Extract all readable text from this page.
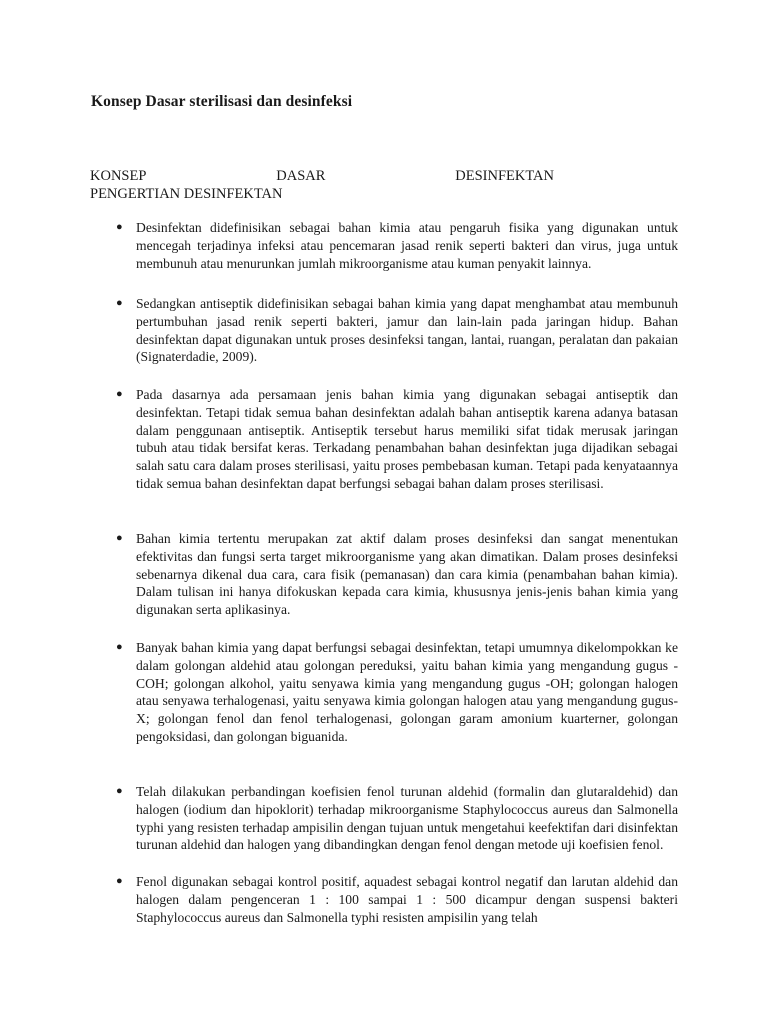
Konsep Dasar sterilisasi dan desinfeksi
KONSEP	DASAR	DESINFEKTAN
PENGERTIAN DESINFEKTAN
● Desinfektan didefinisikan sebagai bahan kimia atau pengaruh fisika yang digunakan untuk mencegah terjadinya infeksi atau pencemaran jasad renik seperti bakteri dan virus, juga untuk membunuh atau menurunkan jumlah mikroorganisme atau kuman penyakit lainnya.
● Sedangkan antiseptik didefinisikan sebagai bahan kimia yang dapat menghambat atau membunuh pertumbuhan jasad renik seperti bakteri, jamur dan lain-lain pada jaringan hidup. Bahan desinfektan dapat digunakan untuk proses desinfeksi tangan, lantai, ruangan, peralatan dan pakaian (Signaterdadie, 2009).
● Pada dasarnya ada persamaan jenis bahan kimia yang digunakan sebagai antiseptik dan desinfektan. Tetapi tidak semua bahan desinfektan adalah bahan antiseptik karena adanya batasan dalam penggunaan antiseptik. Antiseptik tersebut harus memiliki sifat tidak merusak jaringan tubuh atau tidak bersifat keras. Terkadang penambahan bahan desinfektan juga dijadikan sebagai salah satu cara dalam proses sterilisasi, yaitu proses pembebasan kuman. Tetapi pada kenyataannya tidak semua bahan desinfektan dapat berfungsi sebagai bahan dalam proses sterilisasi.
● Bahan kimia tertentu merupakan zat aktif dalam proses desinfeksi dan sangat menentukan efektivitas dan fungsi serta target mikroorganisme yang akan dimatikan. Dalam proses desinfeksi sebenarnya dikenal dua cara, cara fisik (pemanasan) dan cara kimia (penambahan bahan kimia). Dalam tulisan ini hanya difokuskan kepada cara kimia, khususnya jenis-jenis bahan kimia yang digunakan serta aplikasinya.
● Banyak bahan kimia yang dapat berfungsi sebagai desinfektan, tetapi umumnya dikelompokkan ke dalam golongan aldehid atau golongan pereduksi, yaitu bahan kimia yang mengandung gugus -COH; golongan alkohol, yaitu senyawa kimia yang mengandung gugus -OH; golongan halogen atau senyawa terhalogenasi, yaitu senyawa kimia golongan halogen atau yang mengandung gugus-X; golongan fenol dan fenol terhalogenasi, golongan garam amonium kuarterner, golongan pengoksidasi, dan golongan biguanida.
● Telah dilakukan perbandingan koefisien fenol turunan aldehid (formalin dan glutaraldehid) dan halogen (iodium dan hipoklorit) terhadap mikroorganisme Staphylococcus aureus dan Salmonella typhi yang resisten terhadap ampisilin dengan tujuan untuk mengetahui keefektifan dari disinfektan turunan aldehid dan halogen yang dibandingkan dengan fenol dengan metode uji koefisien fenol.
● Fenol digunakan sebagai kontrol positif, aquadest sebagai kontrol negatif dan larutan aldehid dan halogen dalam pengenceran 1 : 100 sampai 1 : 500 dicampur dengan suspensi bakteri Staphylococcus aureus dan Salmonella typhi resisten ampisilin yang telah
